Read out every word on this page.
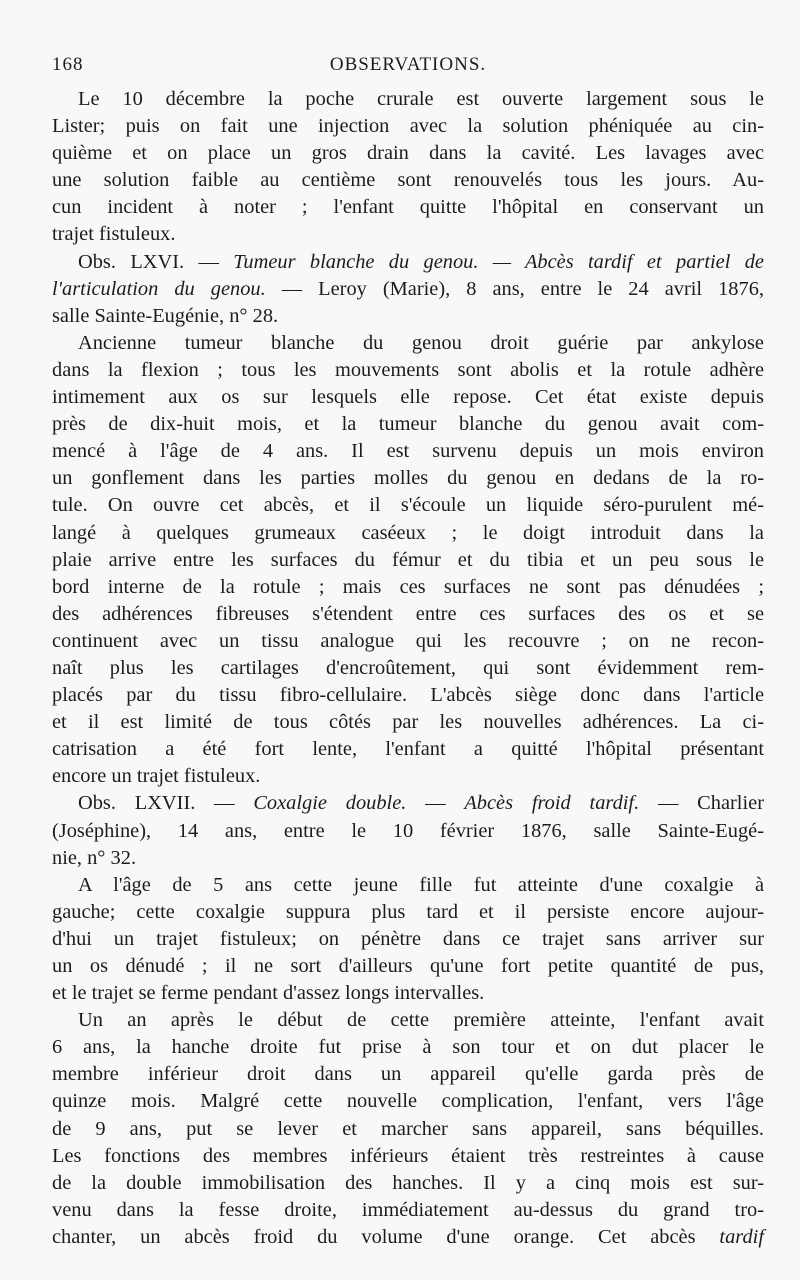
168	OBSERVATIONS.
Le 10 décembre la poche crurale est ouverte largement sous le
Lister; puis on fait une injection avec la solution phéniquée au cin-
quième et on place un gros drain dans la cavité. Les lavages avec
une solution faible au centième sont renouvelés tous les jours. Au-
cun incident à noter ; l'enfant quitte l'hôpital en conservant un
trajet fistuleux.
Obs. LXVI. — Tumeur blanche du genou. — Abcès tardif et partiel de
l'articulation du genou. — Leroy (Marie), 8 ans, entre le 24 avril 1876,
salle Sainte-Eugénie, n° 28.
Ancienne tumeur blanche du genou droit guérie par ankylose
dans la flexion ; tous les mouvements sont abolis et la rotule adhère
intimement aux os sur lesquels elle repose. Cet état existe depuis
près de dix-huit mois, et la tumeur blanche du genou avait com-
mencé à l'âge de 4 ans. Il est survenu depuis un mois environ
un gonflement dans les parties molles du genou en dedans de la ro-
tule. On ouvre cet abcès, et il s'écoule un liquide séro-purulent mé-
langé à quelques grumeaux caséeux ; le doigt introduit dans la
plaie arrive entre les surfaces du fémur et du tibia et un peu sous le
bord interne de la rotule ; mais ces surfaces ne sont pas dénudées ;
des adhérences fibreuses s'étendent entre ces surfaces des os et se
continuent avec un tissu analogue qui les recouvre ; on ne recon-
naît plus les cartilages d'encroûtement, qui sont évidemment rem-
placés par du tissu fibro-cellulaire. L'abcès siège donc dans l'article
et il est limité de tous côtés par les nouvelles adhérences. La ci-
catrisation a été fort lente, l'enfant a quitté l'hôpital présentant
encore un trajet fistuleux.
Obs. LXVII. — Coxalgie double. — Abcès froid tardif. — Charlier
(Joséphine), 14 ans, entre le 10 février 1876, salle Sainte-Eugé-
nie, n° 32.
A l'âge de 5 ans cette jeune fille fut atteinte d'une coxalgie à
gauche; cette coxalgie suppura plus tard et il persiste encore aujour-
d'hui un trajet fistuleux; on pénètre dans ce trajet sans arriver sur
un os dénudé ; il ne sort d'ailleurs qu'une fort petite quantité de pus,
et le trajet se ferme pendant d'assez longs intervalles.
Un an après le début de cette première atteinte, l'enfant avait
6 ans, la hanche droite fut prise à son tour et on dut placer le
membre inférieur droit dans un appareil qu'elle garda près de
quinze mois. Malgré cette nouvelle complication, l'enfant, vers l'âge
de 9 ans, put se lever et marcher sans appareil, sans béquilles.
Les fonctions des membres inférieurs étaient très restreintes à cause
de la double immobilisation des hanches. Il y a cinq mois est sur-
venu dans la fesse droite, immédiatement au-dessus du grand tro-
chanter, un abcès froid du volume d'une orange. Cet abcès tardif
